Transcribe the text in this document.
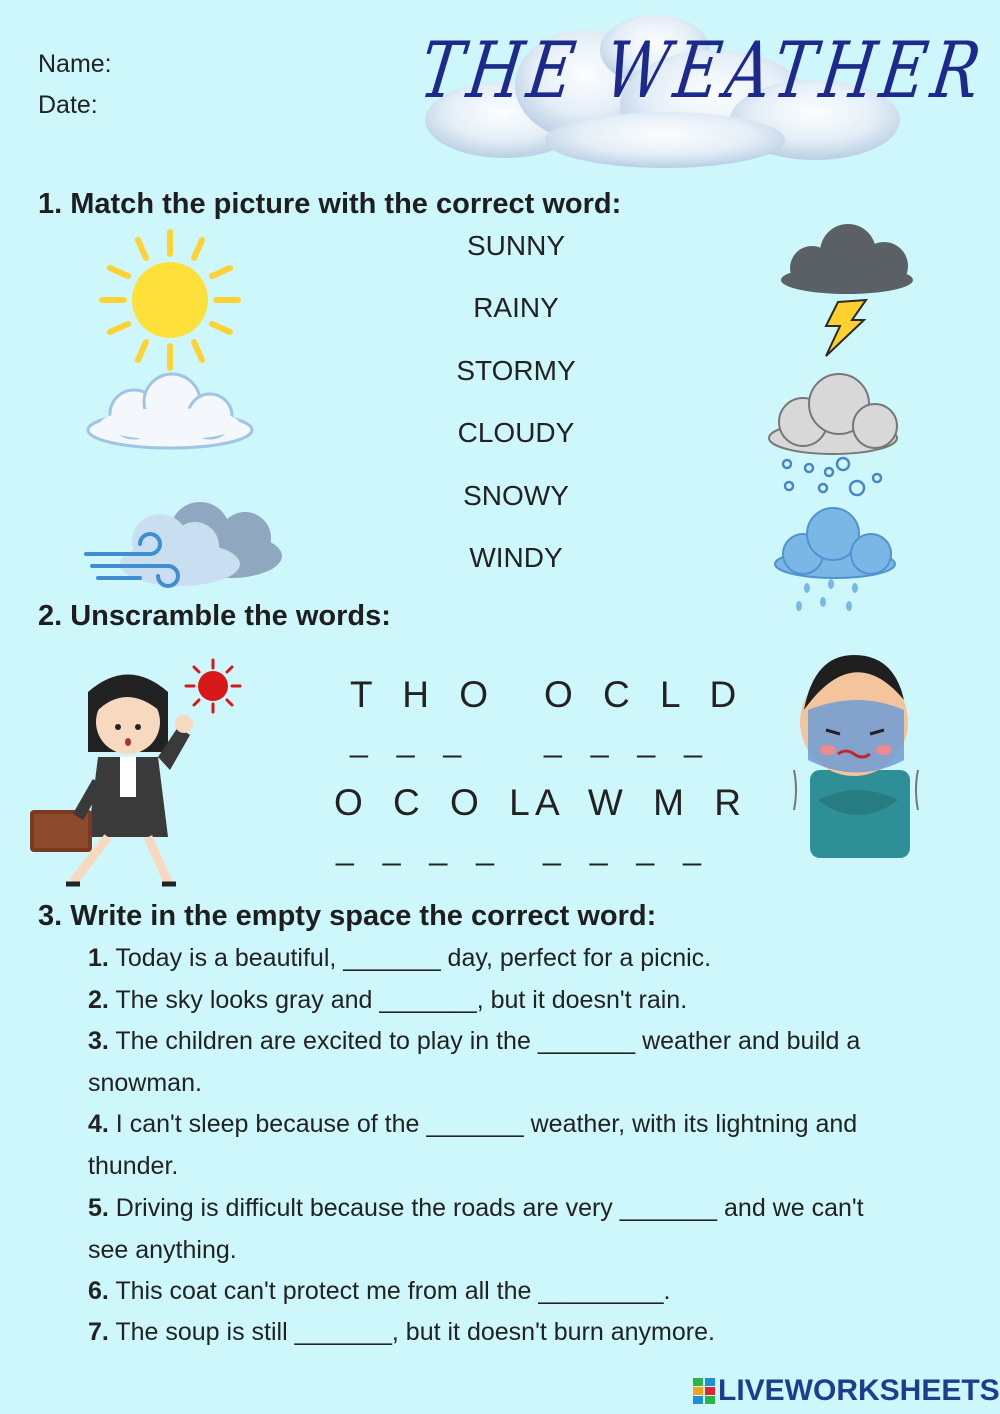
Name:
Date:	THE WEATHER
1. Match the picture with the correct word:
SUNNY
RAINY
STORMY
CLOUDY
SNOWY
WINDY
2. Unscramble the words:
T H O
_ _ _
O C L D
_ _ _ _
O C O L
_ _ _ _
A W M R
_ _ _ _
3. Write in the empty space the correct word:
1. Today is a beautiful, _______ day, perfect for a picnic.
2. The sky looks gray and _______, but it doesn't rain.
3. The children are excited to play in the _______ weather and build a snowman.
4. I can't sleep because of the _______ weather, with its lightning and thunder.
5. Driving is difficult because the roads are very _______ and we can't see anything.
6. This coat can't protect me from all the _________.
7. The soup is still _______, but it doesn't burn anymore.
LIVEWORKSHEETS
